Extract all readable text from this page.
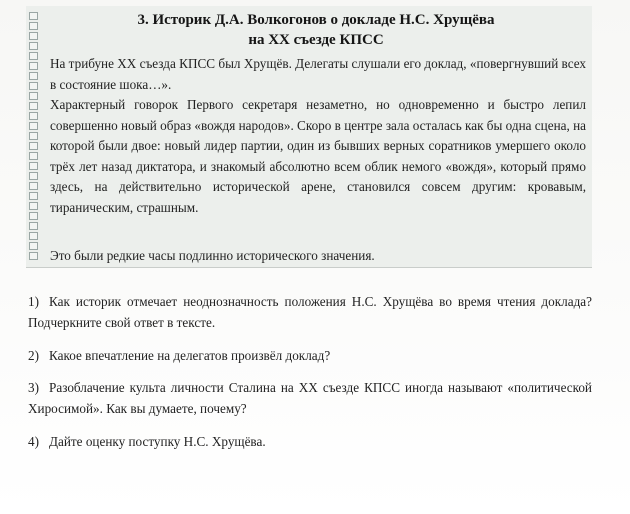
3. Историк Д.А. Волкогонов о докладе Н.С. Хрущёва
на XX съезде КПСС

На трибуне XX съезда КПСС был Хрущёв. Делегаты слушали его доклад, «повергнувший всех в состояние шока…».

Характерный говорок Первого секретаря незаметно, но одновременно и быстро лепил совершенно новый образ «вождя народов». Скоро в центре зала осталась как бы одна сцена, на которой были двое: новый лидер партии, один из бывших верных соратников умершего около трёх лет назад диктатора, и знакомый абсолютно всем облик немого «вождя», который прямо здесь, на действительно исторической арене, становился совсем другим: кровавым, тираническим, страшным.

Это были редкие часы подлинно исторического значения.

1) Как историк отмечает неоднозначность положения Н.С. Хрущёва во время чтения доклада? Подчеркните свой ответ в тексте.

2) Какое впечатление на делегатов произвёл доклад?

3) Разоблачение культа личности Сталина на XX съезде КПСС иногда называют «политической Хиросимой». Как вы думаете, почему?

4) Дайте оценку поступку Н.С. Хрущёва.
